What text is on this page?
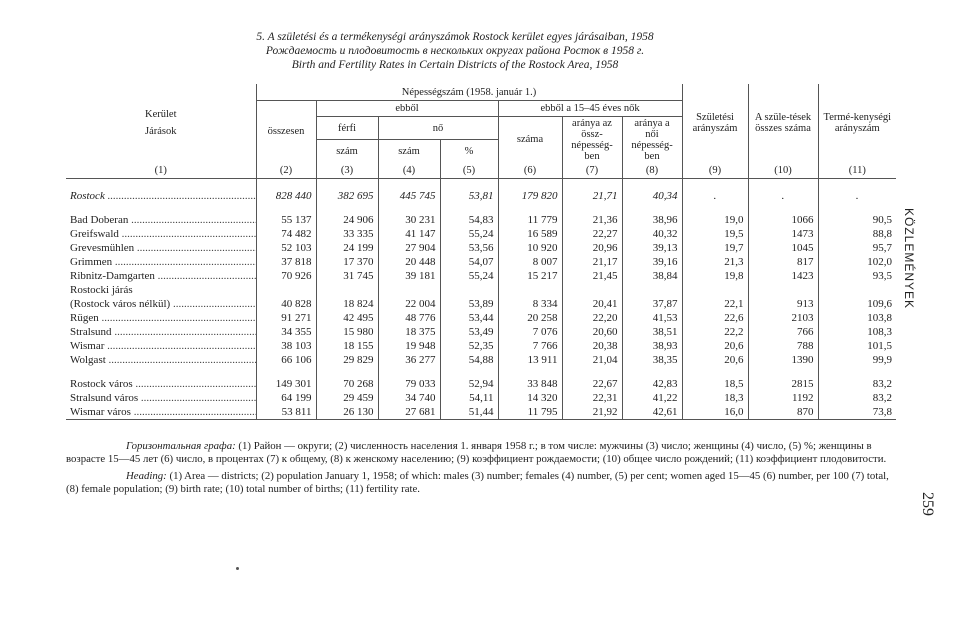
5. A születési és a termékenységi arányszámok Rostock kerület egyes járásaiban, 1958
Рождаемость и плодовитость в нескольких округах района Росток в 1958 г.
Birth and Fertility Rates in Certain Districts of the Rostock Area, 1958
Kerület
Járások	Népességszám (1958. január 1.)							Születési arányszám	A szüle-tések összes száma	Termé-kenységi arányszám
	összesen	ebből			ebből a 15–45 éves nők					
		férfi	nő		száma	aránya az össz-népesség-ben	aránya a női népesség-ben			
		szám	szám	%						
(1)	(2)	(3)	(4)	(5)	(6)	(7)	(8)	(9)	(10)	(11)

Rostock .....	828 440	382 695	445 745	53,81	179 820	21,71	40,34	.	.	.

Bad Doberan .....	55 137	24 906	30 231	54,83	11 779	21,36	38,96	19,0	1066	90,5
Greifswald .....	74 482	33 335	41 147	55,24	16 589	22,27	40,32	19,5	1473	88,8
Grevesmühlen .....	52 103	24 199	27 904	53,56	10 920	20,96	39,13	19,7	1045	95,7
Grimmen .....	37 818	17 370	20 448	54,07	8 007	21,17	39,16	21,3	817	102,0
Ribnitz-Damgarten .....	70 926	31 745	39 181	55,24	15 217	21,45	38,84	19,8	1423	93,5
Rostocki járás										
(Rostock város nélkül) .....	40 828	18 824	22 004	53,89	8 334	20,41	37,87	22,1	913	109,6
Rügen .....	91 271	42 495	48 776	53,44	20 258	22,20	41,53	22,6	2103	103,8
Stralsund .....	34 355	15 980	18 375	53,49	7 076	20,60	38,51	22,2	766	108,3
Wismar .....	38 103	18 155	19 948	52,35	7 766	20,38	38,93	20,6	788	101,5
Wolgast .....	66 106	29 829	36 277	54,88	13 911	21,04	38,35	20,6	1390	99,9

Rostock város .....	149 301	70 268	79 033	52,94	33 848	22,67	42,83	18,5	2815	83,2
Stralsund város .....	64 199	29 459	34 740	54,11	14 320	22,31	41,22	18,3	1192	83,2
Wismar város .....	53 811	26 130	27 681	51,44	11 795	21,92	42,61	16,0	870	73,8

Горизонтальная графа: (1) Район — округи; (2) численность населения 1. января 1958 г.; в том числе: мужчины (3) число; женщины (4) число, (5) %; женщины в возрасте 15—45 лет (6) число, в процентах (7) к общему, (8) к женскому населению; (9) коэффициент рождаемости; (10) общее число рождений; (11) коэффициент плодовитости.

Heading: (1) Area — districts; (2) population January 1, 1958; of which: males (3) number; females (4) number, (5) per cent; women aged 15—45 (6) number, per 100 (7) total, (8) female population; (9) birth rate; (10) total number of births; (11) fertility rate.

KÖZLEMÉNYEK
259
